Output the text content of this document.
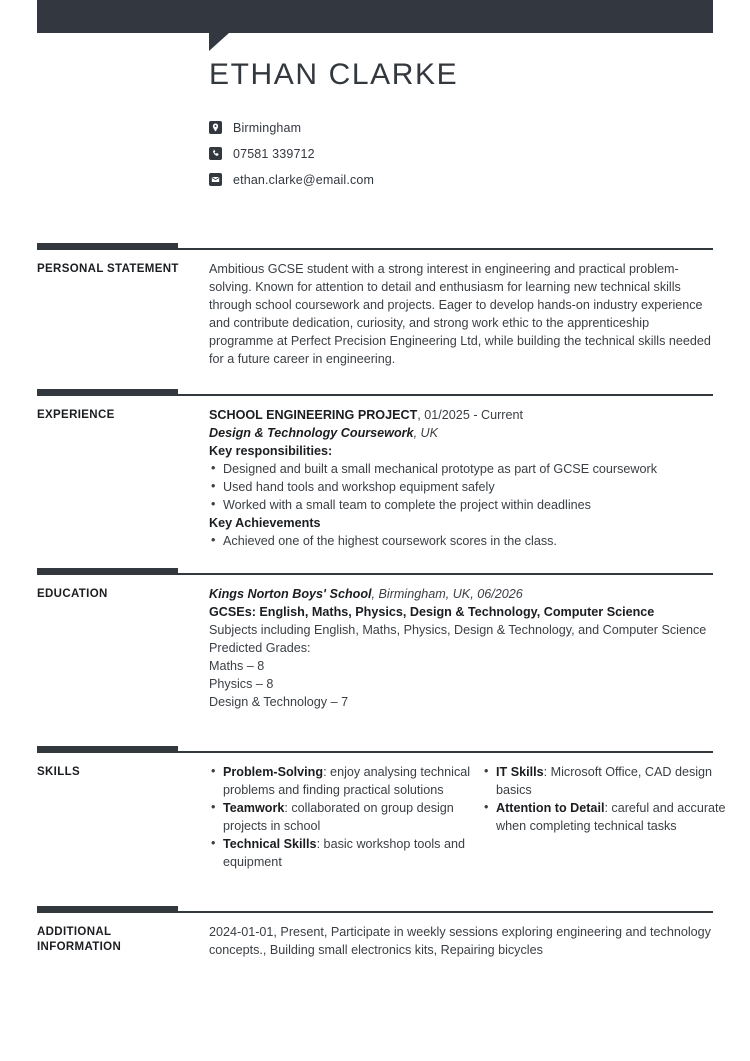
ETHAN CLARKE
Birmingham
07581 339712
ethan.clarke@email.com
PERSONAL STATEMENT	Ambitious GCSE student with a strong interest in engineering and practical problem-solving. Known for attention to detail and enthusiasm for learning new technical skills through school coursework and projects. Eager to develop hands-on industry experience and contribute dedication, curiosity, and strong work ethic to the apprenticeship programme at Perfect Precision Engineering Ltd, while building the technical skills needed for a future career in engineering.

EXPERIENCE	SCHOOL ENGINEERING PROJECT, 01/2025 - Current
Design & Technology Coursework, UK
Key responsibilities:
• Designed and built a small mechanical prototype as part of GCSE coursework
• Used hand tools and workshop equipment safely
• Worked with a small team to complete the project within deadlines
Key Achievements
• Achieved one of the highest coursework scores in the class.
EDUCATION	Kings Norton Boys' School, Birmingham, UK, 06/2026
GCSEs: English, Maths, Physics, Design & Technology, Computer Science
Subjects including English, Maths, Physics, Design & Technology, and Computer Science
Predicted Grades:
Maths – 8
Physics – 8
Design & Technology – 7
SKILLS	• Problem-Solving: enjoy analysing technical problems and finding practical solutions
• Teamwork: collaborated on group design projects in school
• Technical Skills: basic workshop tools and equipment
• IT Skills: Microsoft Office, CAD design basics
• Attention to Detail: careful and accurate when completing technical tasks
ADDITIONAL
INFORMATION

2024-01-01, Present, Participate in weekly sessions exploring engineering and technology concepts., Building small electronics kits, Repairing bicycles
